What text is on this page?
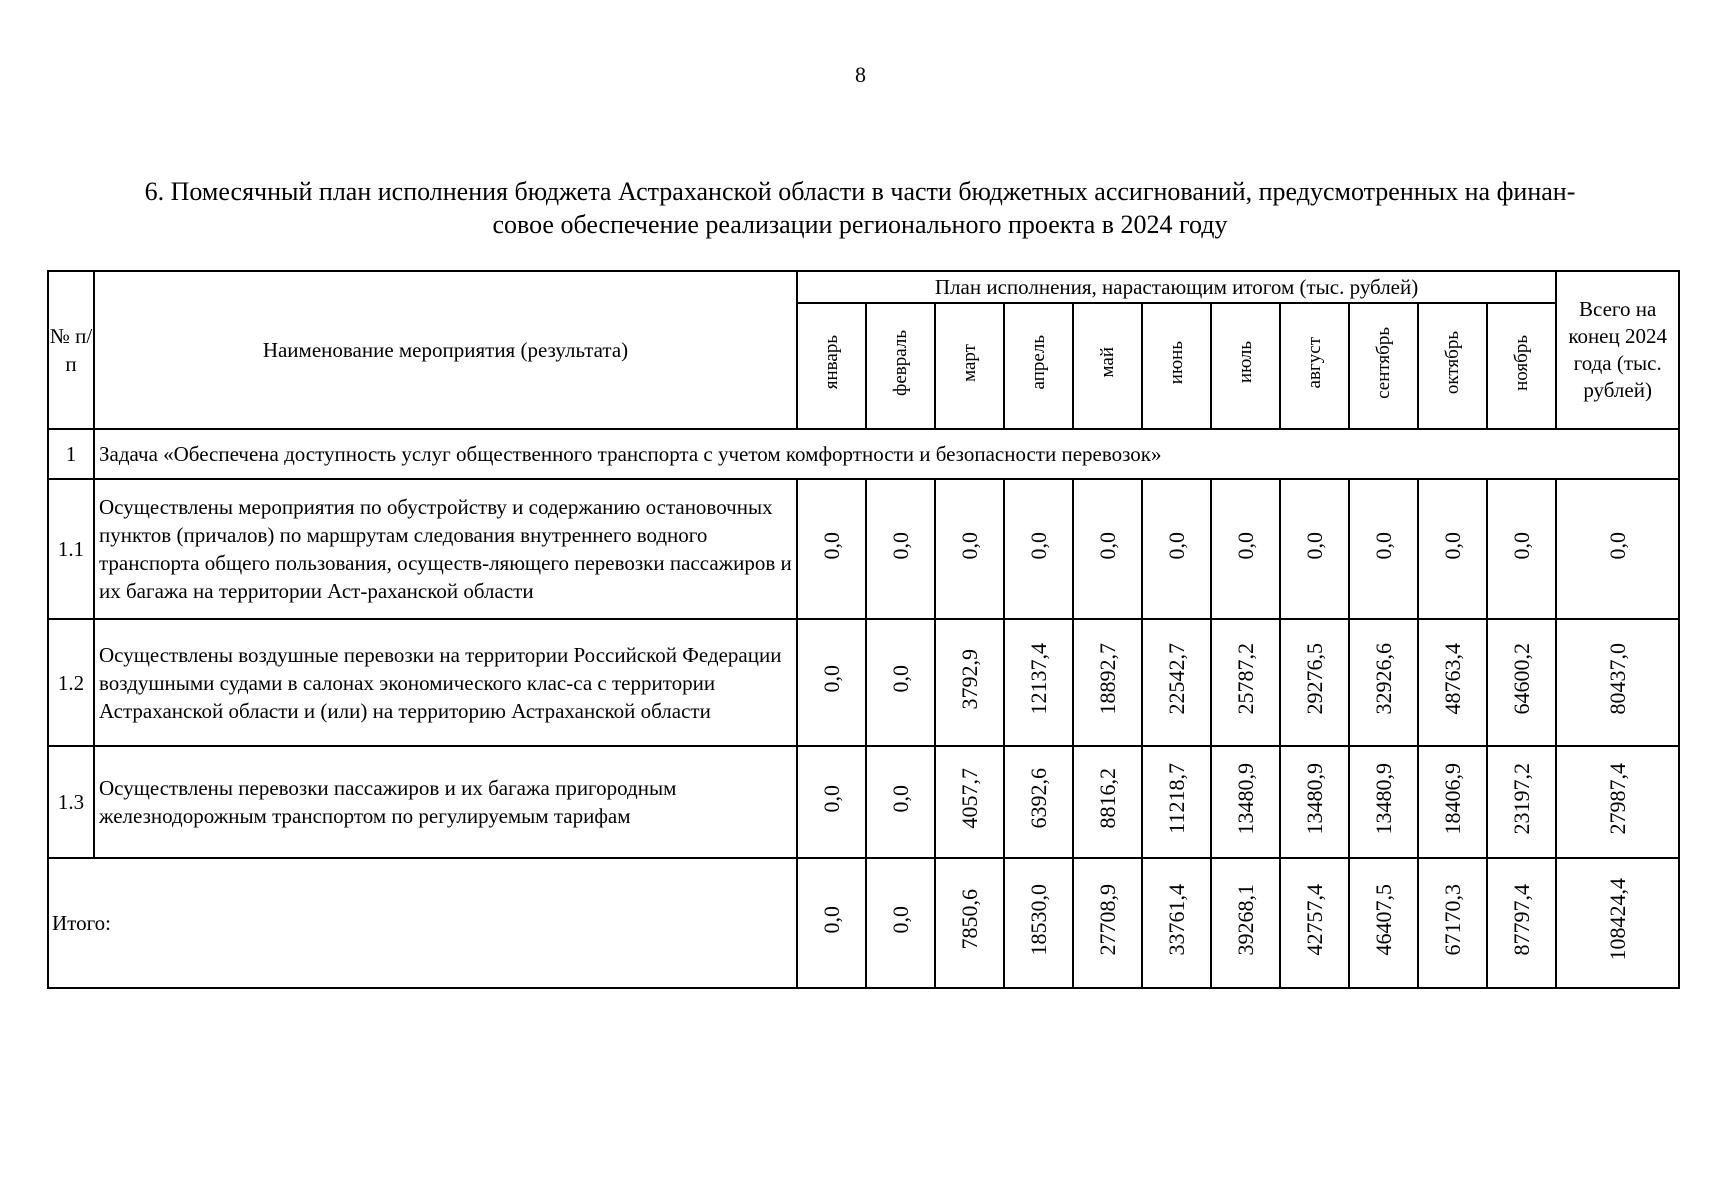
8
6. Помесячный план исполнения бюджета Астраханской области в части бюджетных ассигнований, предусмотренных на финан-
совое обеспечение реализации регионального проекта в 2024 году
№ п/п	Наименование мероприятия (результата)	План исполнения, нарастающим итогом (тыс. рублей)											Всего на конец 2024 года (тыс. рублей)
		январь	февраль	март	апрель	май	июнь	июль	август	сентябрь	октябрь	ноябрь	
1	Задача «Обеспечена доступность услуг общественного транспорта с учетом комфортности и безопасности перевозок»												
1.1	Осуществлены мероприятия по обустройству и содержанию остановочных пунктов (причалов) по маршрутам следования внутреннего водного транспорта общего пользования, осуществ-ляющего перевозки пассажиров и их багажа на территории Аст-раханской области	0,0	0,0	0,0	0,0	0,0	0,0	0,0	0,0	0,0	0,0	0,0	0,0
1.2	Осуществлены воздушные перевозки на территории Российской Федерации воздушными судами в салонах экономического клас-са с территории Астраханской области и (или) на территорию Астраханской области	0,0	0,0	3792,9	12137,4	18892,7	22542,7	25787,2	29276,5	32926,6	48763,4	64600,2	80437,0
1.3	Осуществлены перевозки пассажиров и их багажа пригородным железнодорожным транспортом по регулируемым тарифам	0,0	0,0	4057,7	6392,6	8816,2	11218,7	13480,9	13480,9	13480,9	18406,9	23197,2	27987,4
Итого:		0,0	0,0	7850,6	18530,0	27708,9	33761,4	39268,1	42757,4	46407,5	67170,3	87797,4	108424,4
